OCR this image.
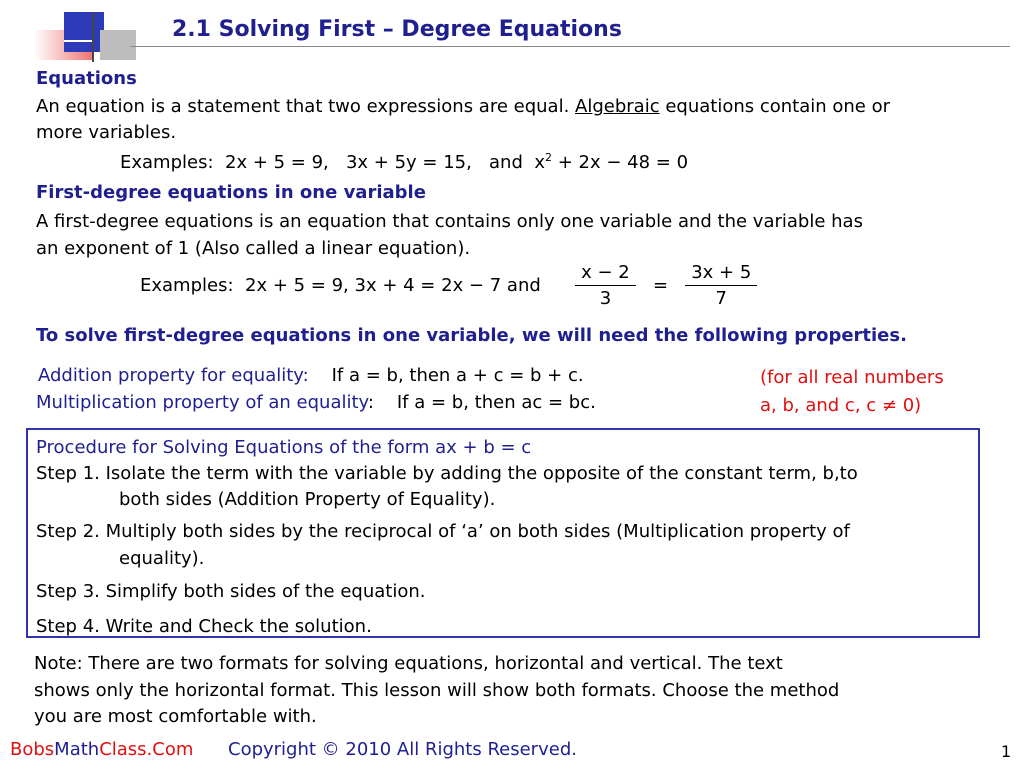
2.1 Solving First – Degree Equations
Equations
An equation is a statement that two expressions are equal. Algebraic equations contain one or
more variables.
Examples: 2x + 5 = 9, 3x + 5y = 15, and $x^2 + 2x - 48 = 0$
First-degree equations in one variable
A first-degree equations is an equation that contains only one variable and the variable has
an exponent of 1 (Also called a linear equation).
Examples: 2x + 5 = 9, 3x + 4 = 2x − 7 and $\frac{x - 2}{3} = \frac{3x + 5}{7}$
To solve first-degree equations in one variable, we will need the following properties.
Addition property for equality: If a = b, then a + c = b + c.
Multiplication property of an equality: If a = b, then ac = bc.
(for all real numbers
a, b, and c, c ≠ 0)
Procedure for Solving Equations of the form ax + b = c
Step 1. Isolate the term with the variable by adding the opposite of the constant term, b,to
both sides (Addition Property of Equality).
Step 2. Multiply both sides by the reciprocal of ‘a’ on both sides (Multiplication property of
equality).
Step 3. Simplify both sides of the equation.
Step 4. Write and Check the solution.
Note: There are two formats for solving equations, horizontal and vertical. The text
shows only the horizontal format. This lesson will show both formats. Choose the method
you are most comfortable with.
BobsMathClass.Com Copyright © 2010 All Rights Reserved.	1
